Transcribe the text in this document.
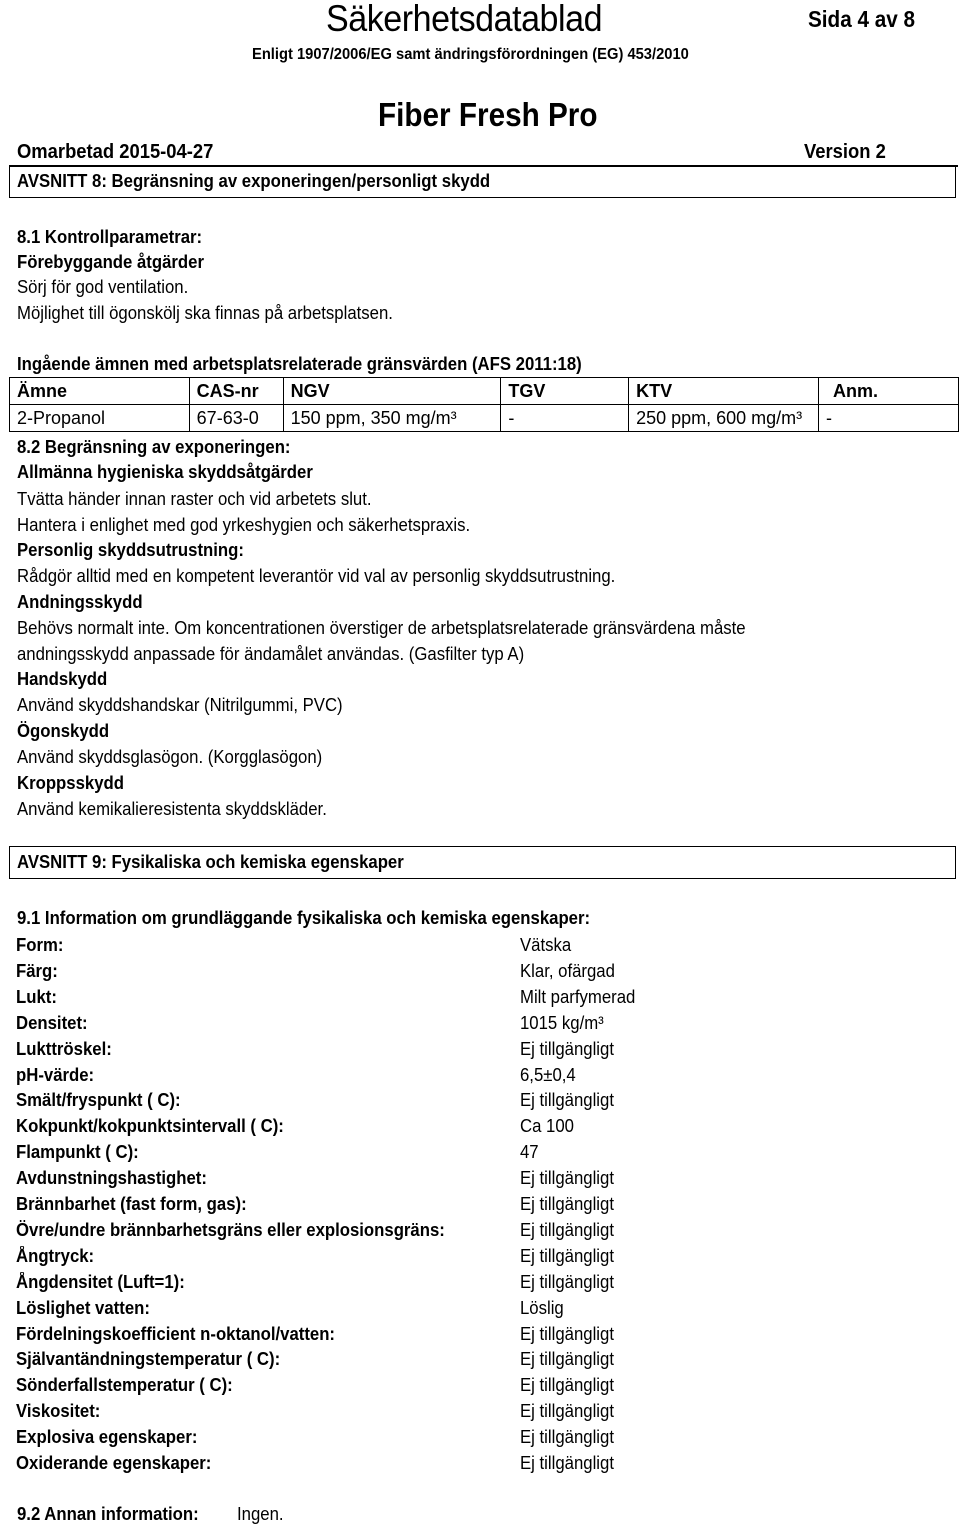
Säkerhetsdatablad	Sida 4 av 8
Enligt 1907/2006/EG samt ändringsförordningen (EG) 453/2010
Fiber Fresh Pro
Omarbetad 2015-04-27	Version 2
AVSNITT 8: Begränsning av exponeringen/personligt skydd
8.1 Kontrollparametrar:
Förebyggande åtgärder
Sörj för god ventilation.
Möjlighet till ögonskölj ska finnas på arbetsplatsen.
Ingående ämnen med arbetsplatsrelaterade gränsvärden (AFS 2011:18)
Ämne	CAS-nr	NGV	TGV	KTV	Anm.
2-Propanol	67-63-0	150 ppm, 350 mg/m³	-	250 ppm, 600 mg/m³	-
8.2 Begränsning av exponeringen:
Allmänna hygieniska skyddsåtgärder
Tvätta händer innan raster och vid arbetets slut.
Hantera i enlighet med god yrkeshygien och säkerhetspraxis.
Personlig skyddsutrustning:
Rådgör alltid med en kompetent leverantör vid val av personlig skyddsutrustning.
Andningsskydd
Behövs normalt inte. Om koncentrationen överstiger de arbetsplatsrelaterade gränsvärdena måste
andningsskydd anpassade för ändamålet användas. (Gasfilter typ A)
Handskydd
Använd skyddshandskar (Nitrilgummi, PVC)
Ögonskydd
Använd skyddsglasögon. (Korgglasögon)
Kroppsskydd
Använd kemikalieresistenta skyddskläder.
AVSNITT 9: Fysikaliska och kemiska egenskaper
9.1 Information om grundläggande fysikaliska och kemiska egenskaper:
Form:	Vätska
Färg:	Klar, ofärgad
Lukt:	Milt parfymerad
Densitet:	1015 kg/m³
Lukttröskel:	Ej tillgängligt
pH-värde:	6,5±0,4
Smält/fryspunkt ( C):	Ej tillgängligt
Kokpunkt/kokpunktsintervall ( C):	Ca 100
Flampunkt ( C):	47
Avdunstningshastighet:	Ej tillgängligt
Brännbarhet (fast form, gas):	Ej tillgängligt
Övre/undre brännbarhetsgräns eller explosionsgräns:	Ej tillgängligt
Ångtryck:	Ej tillgängligt
Ångdensitet (Luft=1):	Ej tillgängligt
Löslighet vatten:	Löslig
Fördelningskoefficient n-oktanol/vatten:	Ej tillgängligt
Självantändningstemperatur ( C):	Ej tillgängligt
Sönderfallstemperatur ( C):	Ej tillgängligt
Viskositet:	Ej tillgängligt
Explosiva egenskaper:	Ej tillgängligt
Oxiderande egenskaper:	Ej tillgängligt
9.2 Annan information: Ingen.
